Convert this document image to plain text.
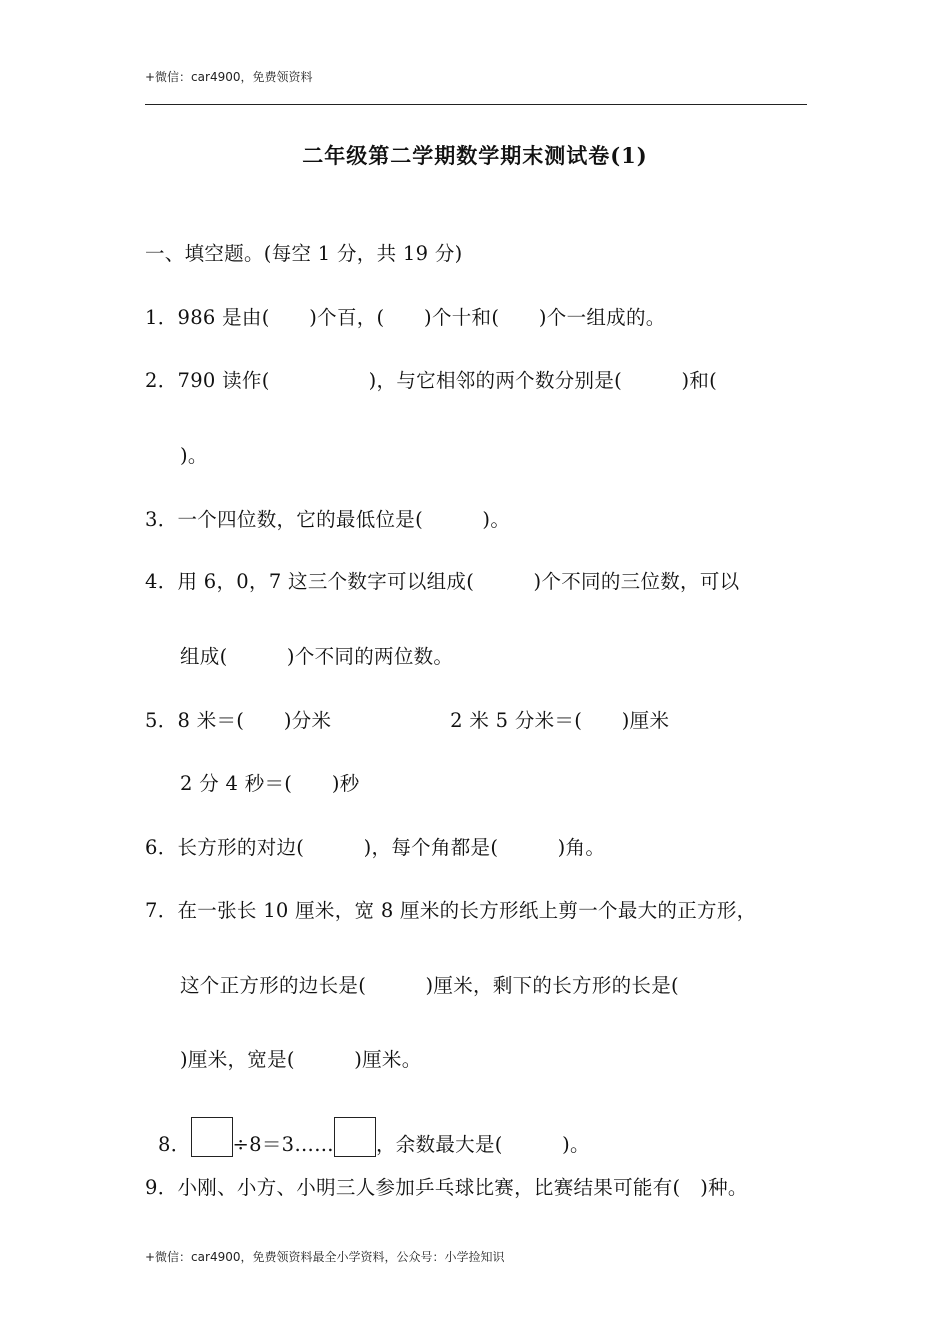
+微信：car4900，免费领资料
二年级第二学期数学期末测试卷(1)
一、填空题。(每空 1 分，共 19 分)
1．986 是由(　　)个百，(　　)个十和(　　)个一组成的。
2．790 读作(　　　　　)，与它相邻的两个数分别是(　　　)和(
)。
3．一个四位数，它的最低位是(　　　)。
4．用 6，0，7 这三个数字可以组成(　　　)个不同的三位数，可以
组成(　　　)个不同的两位数。
5．8 米＝(　　)分米　　　　　　2 米 5 分米＝(　　)厘米
2 分 4 秒＝(　　)秒
6．长方形的对边(　　　)，每个角都是(　　　)角。
7．在一张长 10 厘米，宽 8 厘米的长方形纸上剪一个最大的正方形，
这个正方形的边长是(　　　)厘米，剩下的长方形的长是(
)厘米，宽是(　　　)厘米。

8． ÷8＝3…… ，余数最大是(　　　)。

9．小刚、小方、小明三人参加乒乓球比赛，比赛结果可能有(　)种。
+微信：car4900，免费领资料最全小学资料，公众号：小学捡知识
